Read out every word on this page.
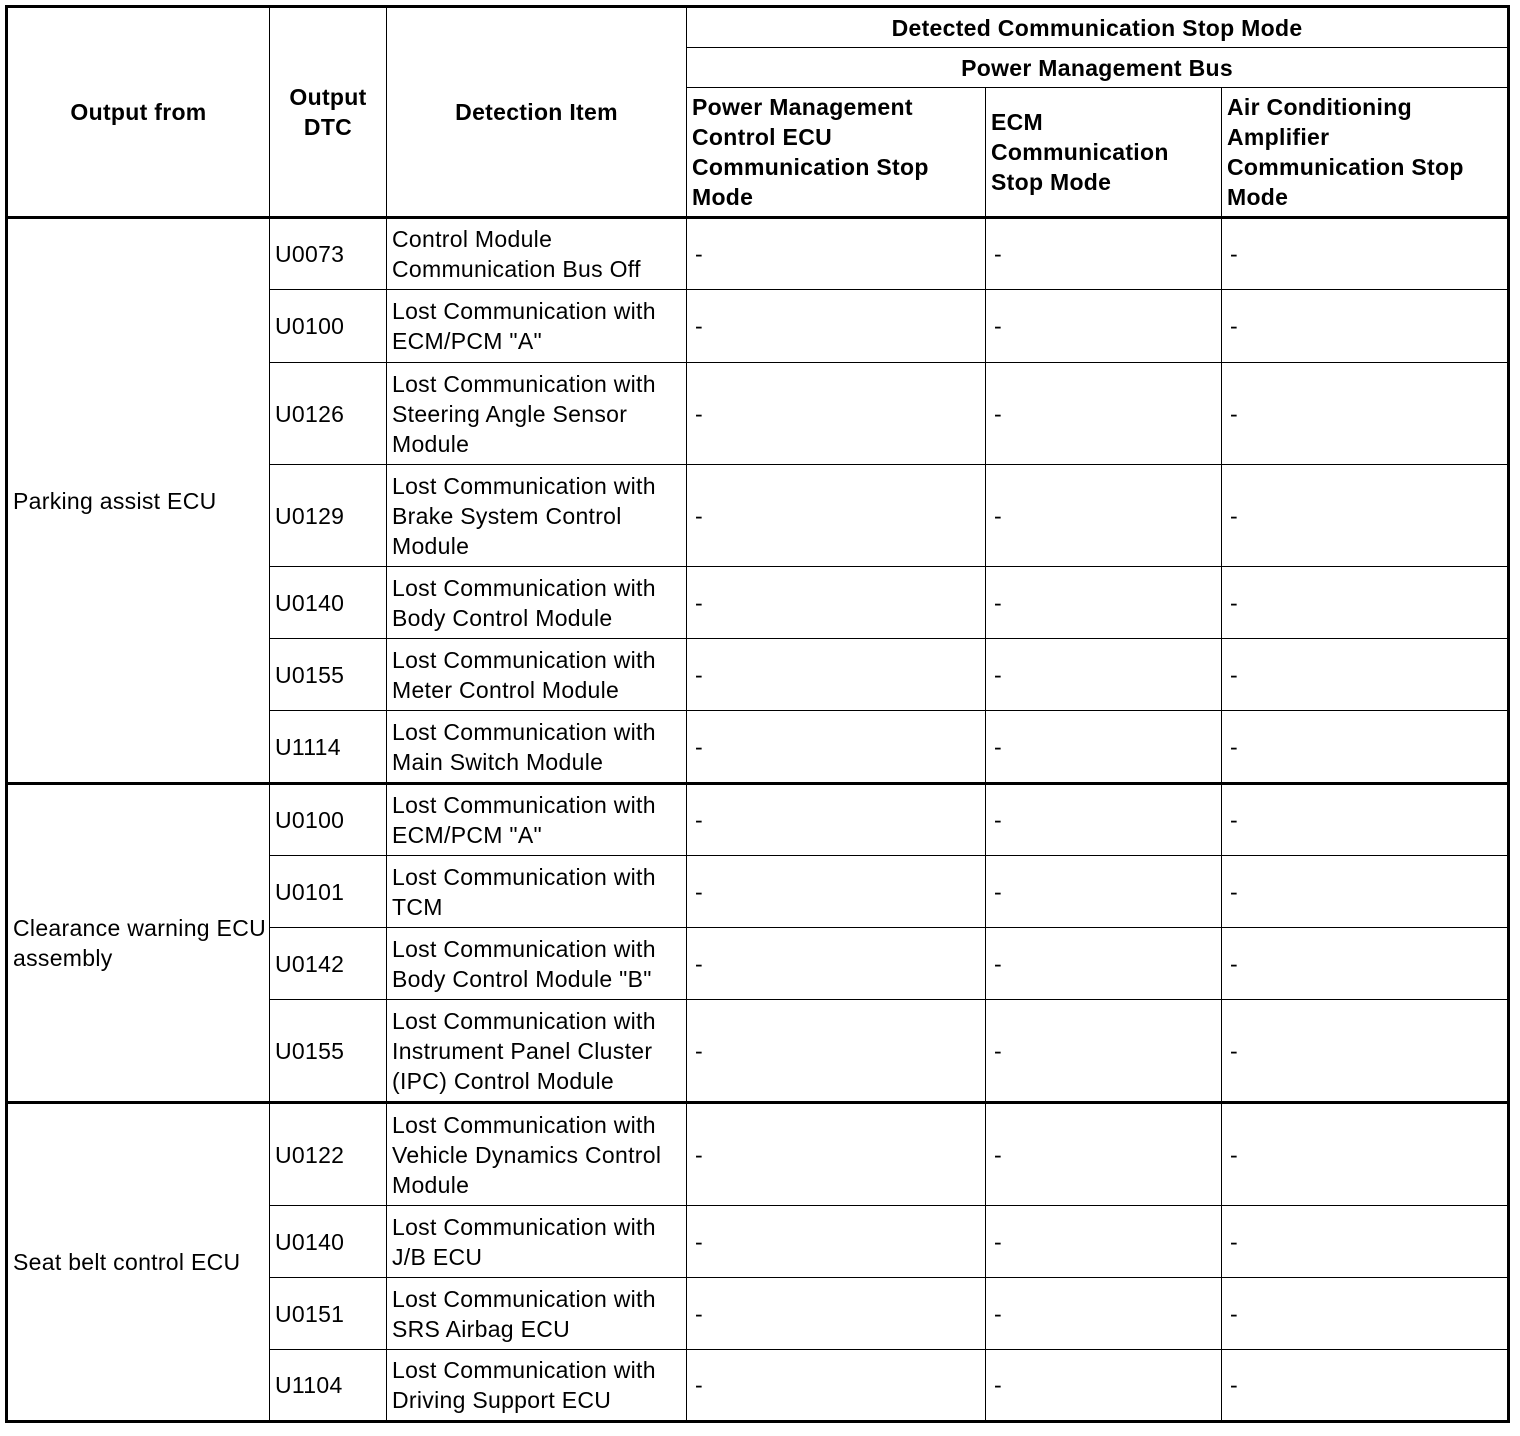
Output from	Output DTC	Detection Item	Detected Communication Stop Mode		
			Power Management Bus		
			Power Management Control ECU Communication Stop Mode	ECM Communication Stop Mode	Air Conditioning Amplifier Communication Stop Mode
Parking assist ECU	U0073	Control Module Communication Bus Off	-	-	-
	U0100	Lost Communication with ECM/PCM "A"	-	-	-
	U0126	Lost Communication with Steering Angle Sensor Module	-	-	-
	U0129	Lost Communication with Brake System Control Module	-	-	-
	U0140	Lost Communication with Body Control Module	-	-	-
	U0155	Lost Communication with Meter Control Module	-	-	-
	U1114	Lost Communication with Main Switch Module	-	-	-
Clearance warning ECU assembly	U0100	Lost Communication with ECM/PCM "A"	-	-	-
	U0101	Lost Communication with TCM	-	-	-
	U0142	Lost Communication with Body Control Module "B"	-	-	-
	U0155	Lost Communication with Instrument Panel Cluster (IPC) Control Module	-	-	-
Seat belt control ECU	U0122	Lost Communication with Vehicle Dynamics Control Module	-	-	-
	U0140	Lost Communication with J/B ECU	-	-	-
	U0151	Lost Communication with SRS Airbag ECU	-	-	-
	U1104	Lost Communication with Driving Support ECU	-	-	-
